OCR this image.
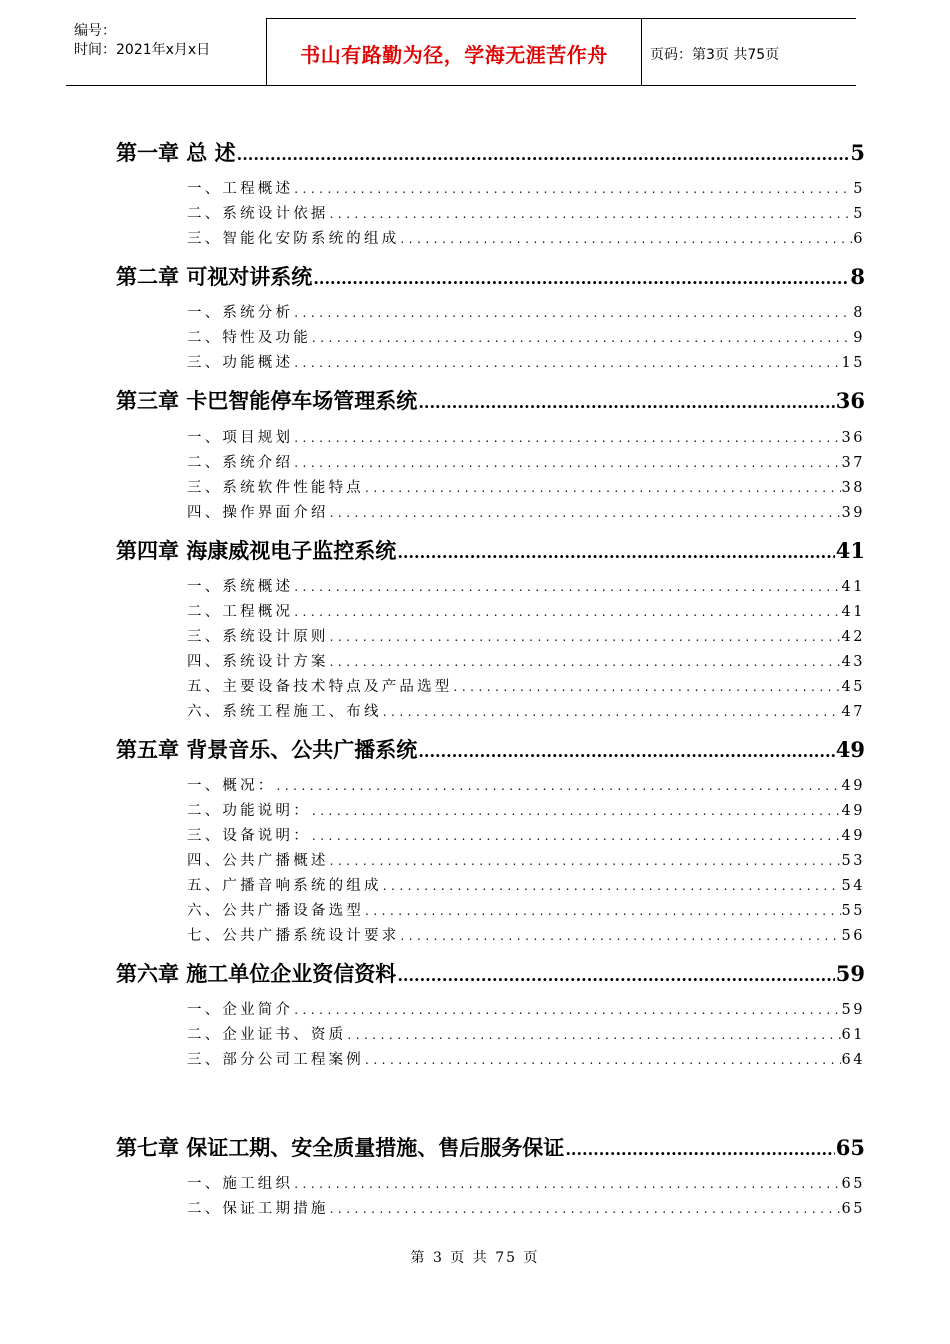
编号：
时间：2021年x月x日	书山有路勤为径，学海无涯苦作舟	页码：第3页 共75页
第一章 总 述 .....	5
一、工程概述 .....	5
二、系统设计依据 .....	5
三、智能化安防系统的组成 .....	6
第二章 可视对讲系统 .....	8
一、系统分析 .....	8
二、特性及功能 .....	9
三、功能概述 .....	15
第三章 卡巴智能停车场管理系统 .....	36
一、项目规划 .....	36
二、系统介绍 .....	37
三、系统软件性能特点 .....	38
四、操作界面介绍 .....	39
第四章 海康威视电子监控系统 .....	41
一、系统概述 .....	41
二、工程概况 .....	41
三、系统设计原则 .....	42
四、系统设计方案 .....	43
五、主要设备技术特点及产品选型 .....	45
六、系统工程施工、布线 .....	47
第五章 背景音乐、公共广播系统 .....	49
一、概况： .....	49
二、功能说明： .....	49
三、设备说明： .....	49
四、公共广播概述 .....	53
五、广播音响系统的组成 .....	54
六、公共广播设备选型 .....	55
七、公共广播系统设计要求 .....	56
第六章 施工单位企业资信资料 .....	59
一、企业简介 .....	59
二、企业证书、资质 .....	61
三、部分公司工程案例 .....	64
第七章 保证工期、安全质量措施、售后服务保证 .....	65
一、施工组织 .....	65
二、保证工期措施 .....	65
第 3 页 共 75 页
